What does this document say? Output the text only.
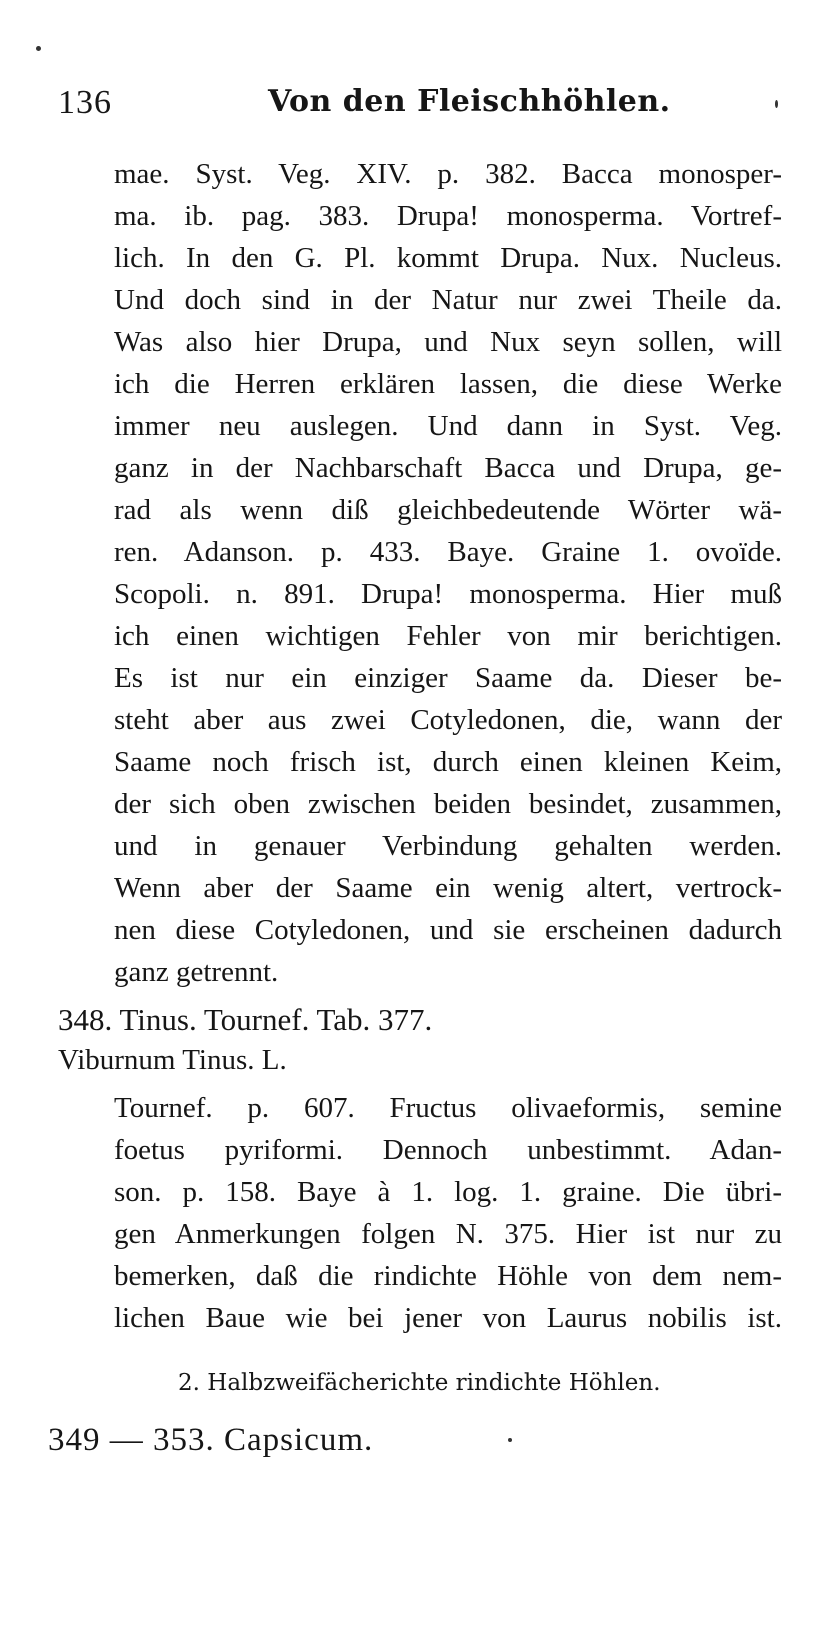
136	Von den Fleischhöhlen.
mae. Syst. Veg. XIV. p. 382. Bacca monosper-
ma. ib. pag. 383. Drupa! monosperma. Vortref-
lich. In den G. Pl. kommt Drupa. Nux. Nucleus.
Und doch sind in der Natur nur zwei Theile da.
Was also hier Drupa, und Nux seyn sollen, will
ich die Herren erklären lassen, die diese Werke
immer neu auslegen. Und dann in Syst. Veg.
ganz in der Nachbarschaft Bacca und Drupa, ge-
rad als wenn diß gleichbedeutende Wörter wä-
ren. Adanson. p. 433. Baye. Graine 1. ovoïde.
Scopoli. n. 891. Drupa! monosperma. Hier muß
ich einen wichtigen Fehler von mir berichtigen.
Es ist nur ein einziger Saame da. Dieser be-
steht aber aus zwei Cotyledonen, die, wann der
Saame noch frisch ist, durch einen kleinen Keim,
der sich oben zwischen beiden besindet, zusammen,
und in genauer Verbindung gehalten werden.
Wenn aber der Saame ein wenig altert, vertrock-
nen diese Cotyledonen, und sie erscheinen dadurch
ganz getrennt.
348. Tinus. Tournef. Tab. 377.
Viburnum Tinus. L.
Tournef. p. 607. Fructus olivaeformis, semine
foetus pyriformi. Dennoch unbestimmt. Adan-
son. p. 158. Baye à 1. log. 1. graine. Die übri-
gen Anmerkungen folgen N. 375. Hier ist nur zu
bemerken, daß die rindichte Höhle von dem nem-
lichen Baue wie bei jener von Laurus nobilis ist.
2. Halbzweifächerichte rindichte Höhlen.
349 — 353. Capsicum.
